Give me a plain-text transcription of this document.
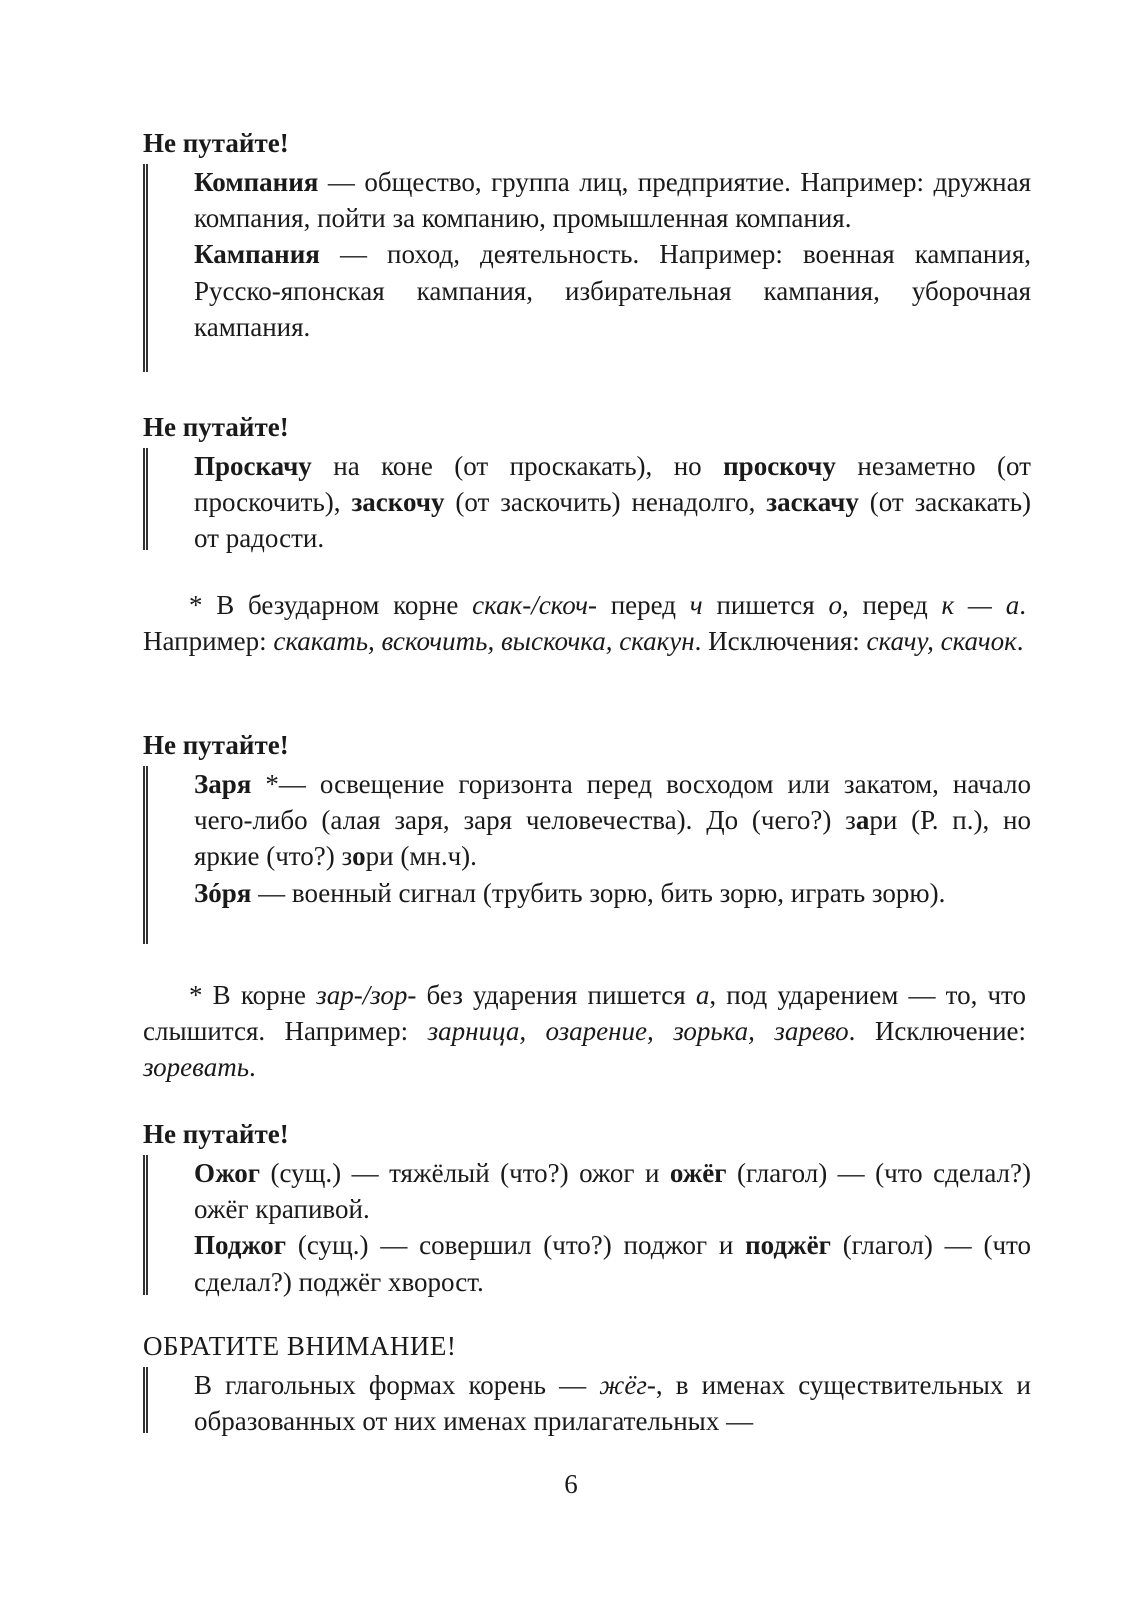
Не путайте!

Компания — общество, группа лиц, предприятие. Например: дружная компания, пойти за компанию, промышленная компания.

Кампания — поход, деятельность. Например: военная кампания, Русско-японская кампания, избирательная кампания, уборочная кампания.

Не путайте!

Проскачу на коне (от проскакать), но проскочу незаметно (от проскочить), заскочу (от заскочить) ненадолго, заскачу (от заскакать) от радости.

* В безударном корне скак-/скоч- перед ч пишется о, перед к — а. Например: скакать, вскочить, выскочка, скакун. Исключения: скачу, скачок.

Не путайте!

Заря *— освещение горизонта перед восходом или закатом, начало чего-либо (алая заря, заря человечества). До (чего?) зари (Р. п.), но яркие (что?) зори (мн.ч).

Зóря — военный сигнал (трубить зорю, бить зорю, играть зорю).

* В корне зар-/зор- без ударения пишется а, под ударением — то, что слышится. Например: зарница, озарение, зорька, зарево. Исключение: зоревать.

Не путайте!

Ожог (сущ.) — тяжёлый (что?) ожог и ожёг (глагол) — (что сделал?) ожёг крапивой.

Поджог (сущ.) — совершил (что?) поджог и поджёг (глагол) — (что сделал?) поджёг хворост.

ОБРАТИТЕ ВНИМАНИЕ!

В глагольных формах корень — жёг-, в именах существительных и образованных от них именах прилагательных —

6
